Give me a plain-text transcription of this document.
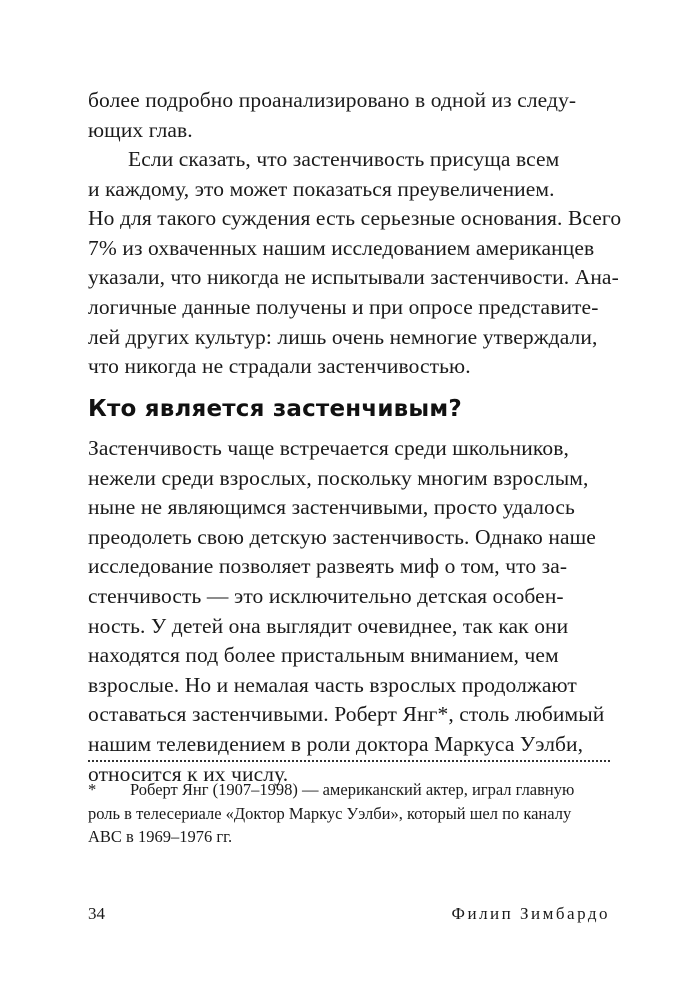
более подробно проанализировано в одной из следу-
ющих глав.

Если сказать, что застенчивость присуща всем
и каждому, это может показаться преувеличением.
Но для такого суждения есть серьезные основания. Всего
7% из охваченных нашим исследованием американцев
указали, что никогда не испытывали застенчивости. Ана-
логичные данные получены и при опросе представите-
лей других культур: лишь очень немногие утверждали,
что никогда не страдали застенчивостью.

Кто является застенчивым?

Застенчивость чаще встречается среди школьников,
нежели среди взрослых, поскольку многим взрослым,
ныне не являющимся застенчивыми, просто удалось
преодолеть свою детскую застенчивость. Однако наше
исследование позволяет развеять миф о том, что за-
стенчивость — это исключительно детская особен-
ность. У детей она выглядит очевиднее, так как они
находятся под более пристальным вниманием, чем
взрослые. Но и немалая часть взрослых продолжают
оставаться застенчивыми. Роберт Янг*, столь любимый
нашим телевидением в роли доктора Маркуса Уэлби,
относится к их числу.

* Роберт Янг (1907–1998) — американский актер, играл главную
роль в телесериале «Доктор Маркус Уэлби», который шел по каналу
ABC в 1969–1976 гг.

34	Филип Зимбардо
